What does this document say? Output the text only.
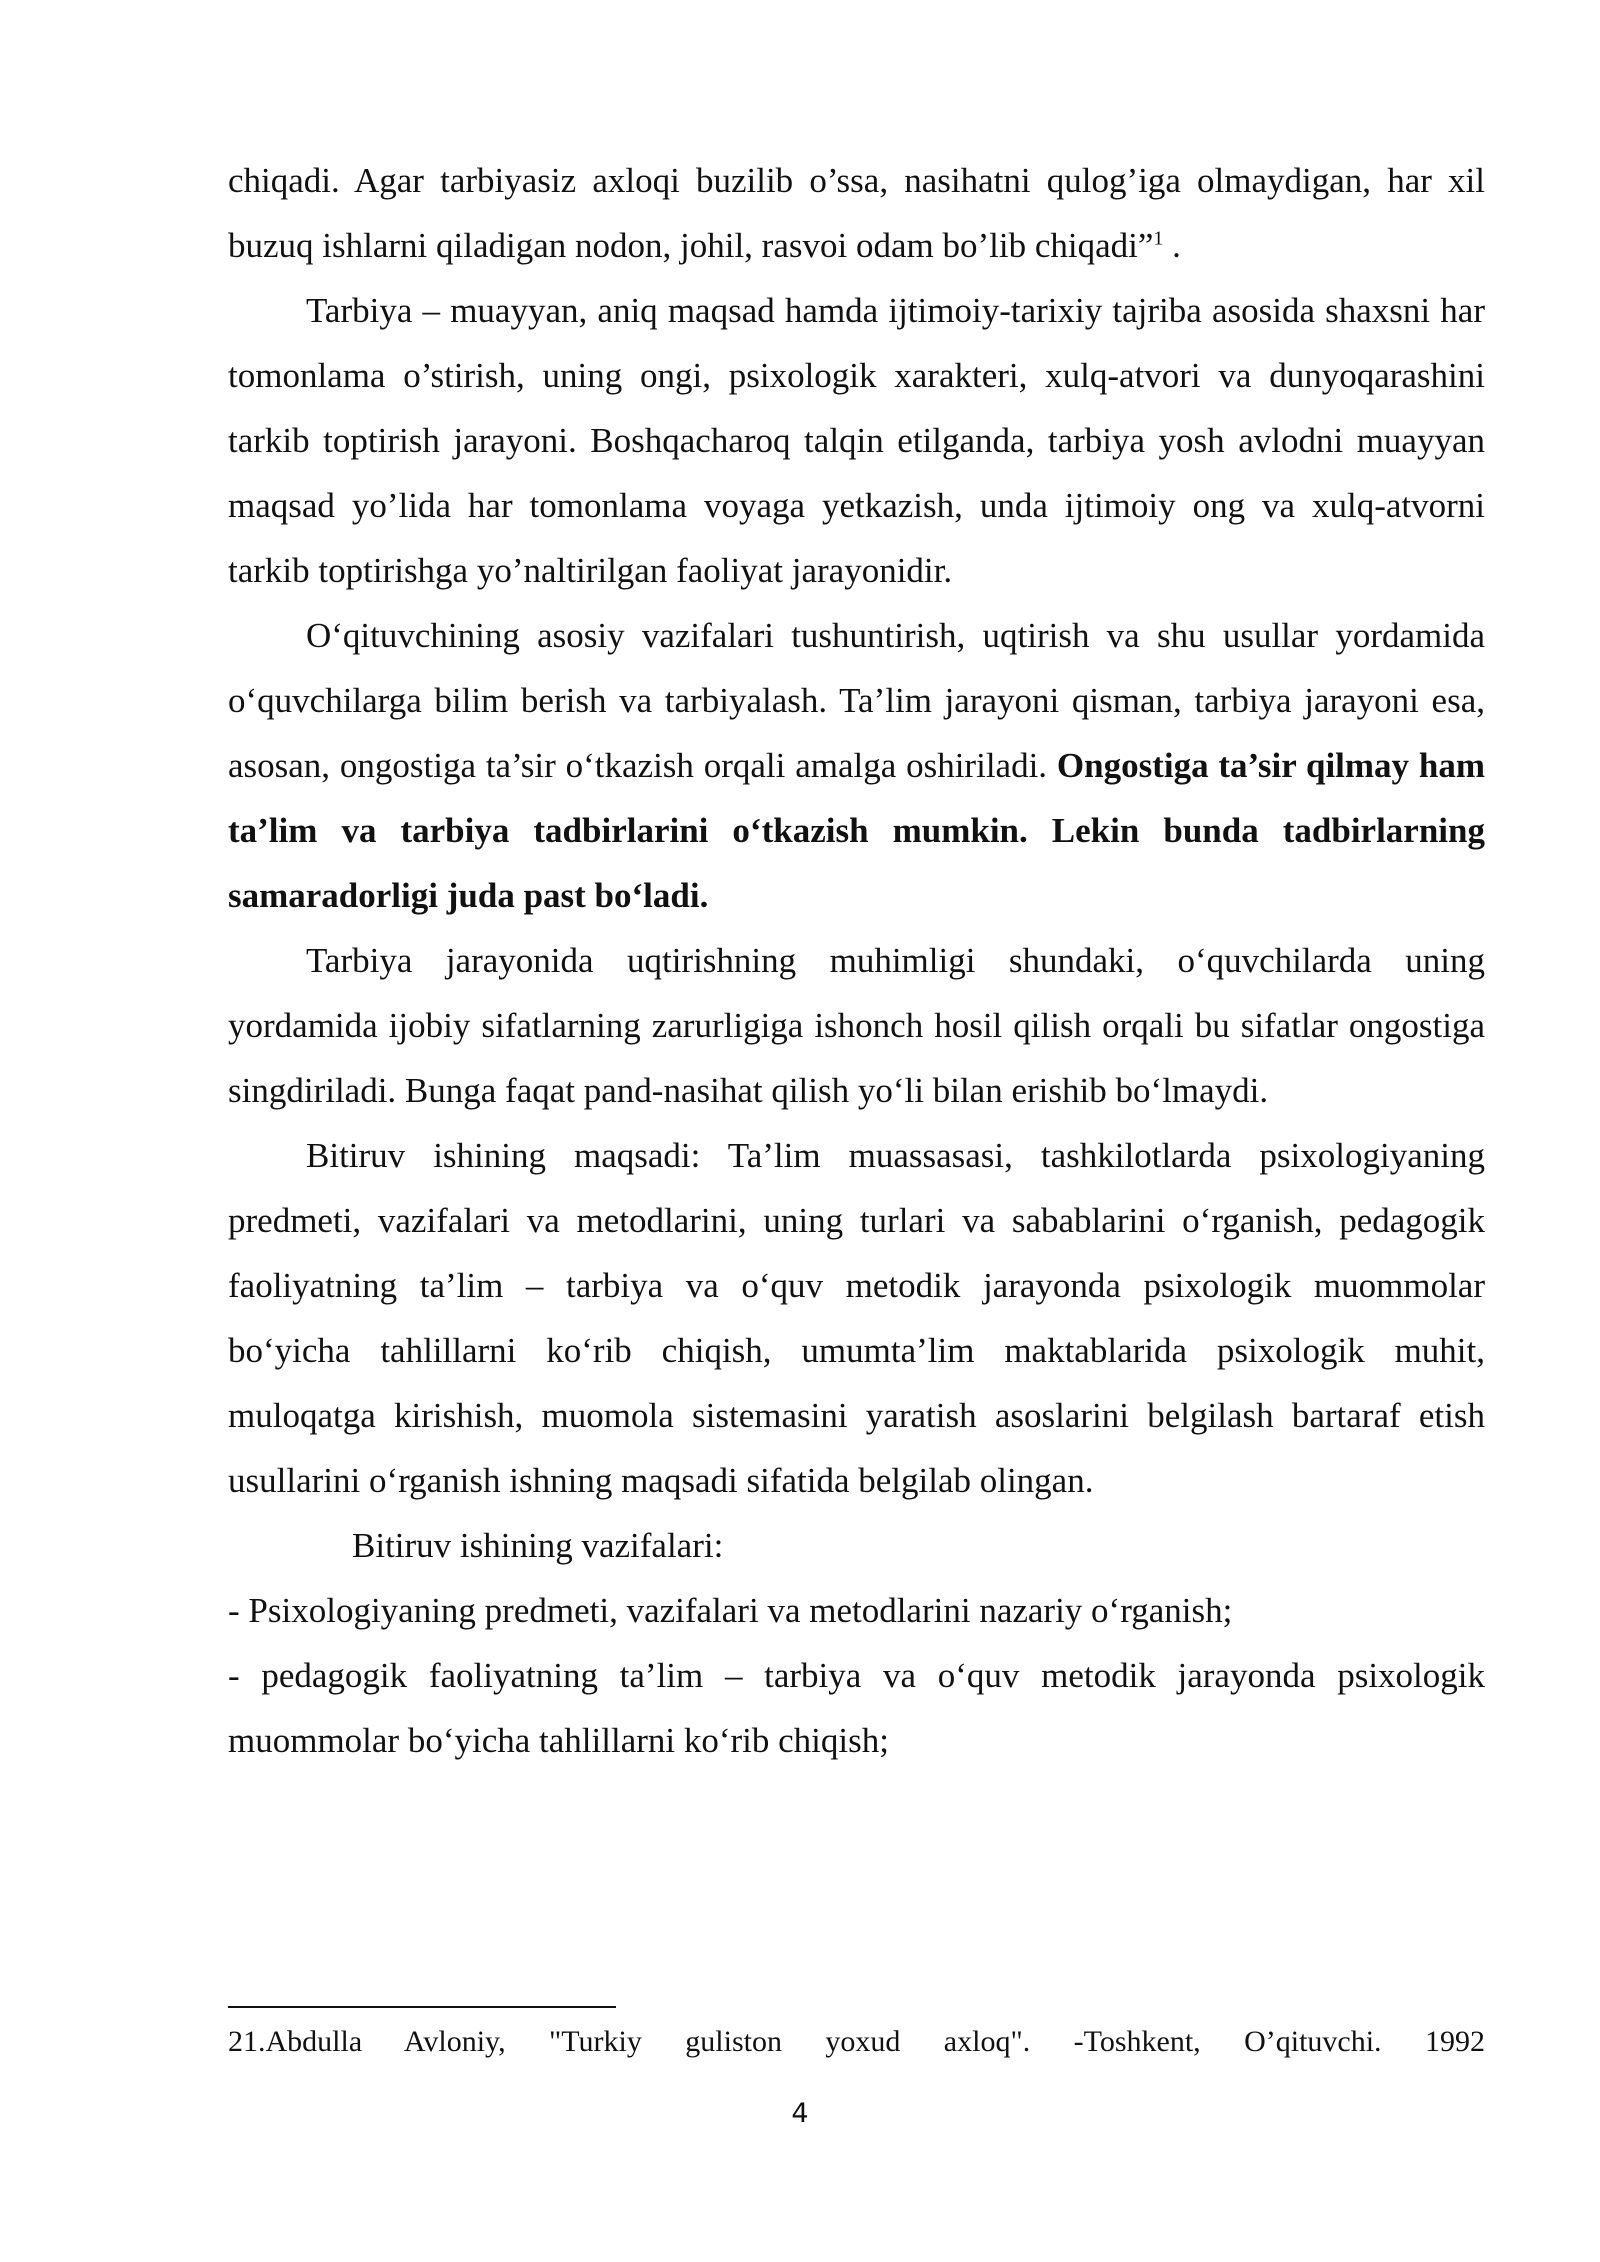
chiqadi. Agar tarbiyasiz axloqi buzilib o’ssa, nasihatni qulog’iga olmaydigan, har xil buzuq ishlarni qiladigan nodon, johil, rasvoi odam bo’lib chiqadi”$^1$ .

Tarbiya – muayyan, aniq maqsad hamda ijtimoiy-tarixiy tajriba asosida shaxsni har tomonlama o’stirish, uning ongi, psixologik xarakteri, xulq-atvori va dunyoqarashini tarkib toptirish jarayoni. Boshqacharoq talqin etilganda, tarbiya yosh avlodni muayyan maqsad yo’lida har tomonlama voyaga yetkazish, unda ijtimoiy ong va xulq-atvorni tarkib toptirishga yo’naltirilgan faoliyat jarayonidir.

O‘qituvchining asosiy vazifalari tushuntirish, uqtirish va shu usullar yordamida o‘quvchilarga bilim berish va tarbiyalash. Ta’lim jarayoni qisman, tarbiya jarayoni esa, asosan, ongostiga ta’sir o‘tkazish orqali amalga oshiriladi. Ongostiga ta’sir qilmay ham ta’lim va tarbiya tadbirlarini o‘tkazish mumkin. Lekin bunda tadbirlarning samaradorligi juda past bo‘ladi.

Tarbiya jarayonida uqtirishning muhimligi shundaki, o‘quvchilarda uning yordamida ijobiy sifatlarning zarurligiga ishonch hosil qilish orqali bu sifatlar ongostiga singdiriladi. Bunga faqat pand-nasihat qilish yo‘li bilan erishib bo‘lmaydi.

Bitiruv ishining maqsadi: Ta’lim muassasasi, tashkilotlarda psixologiyaning predmeti, vazifalari va metodlarini, uning turlari va sabablarini o‘rganish, pedagogik faoliyatning ta’lim – tarbiya va o‘quv metodik jarayonda psixologik muommolar bo‘yicha tahlillarni ko‘rib chiqish, umumta’lim maktablarida psixologik muhit, muloqatga kirishish, muomola sistemasini yaratish asoslarini belgilash bartaraf etish usullarini o‘rganish ishning maqsadi sifatida belgilab olingan.

Bitiruv ishining vazifalari:

- Psixologiyaning predmeti, vazifalari va metodlarini nazariy o‘rganish;

- pedagogik faoliyatning ta’lim – tarbiya va o‘quv metodik jarayonda psixologik muommolar bo‘yicha tahlillarni ko‘rib chiqish;

21.Abdulla Avloniy, "Turkiy guliston yoxud axloq". -Toshkent, O’qituvchi. 1992
4
